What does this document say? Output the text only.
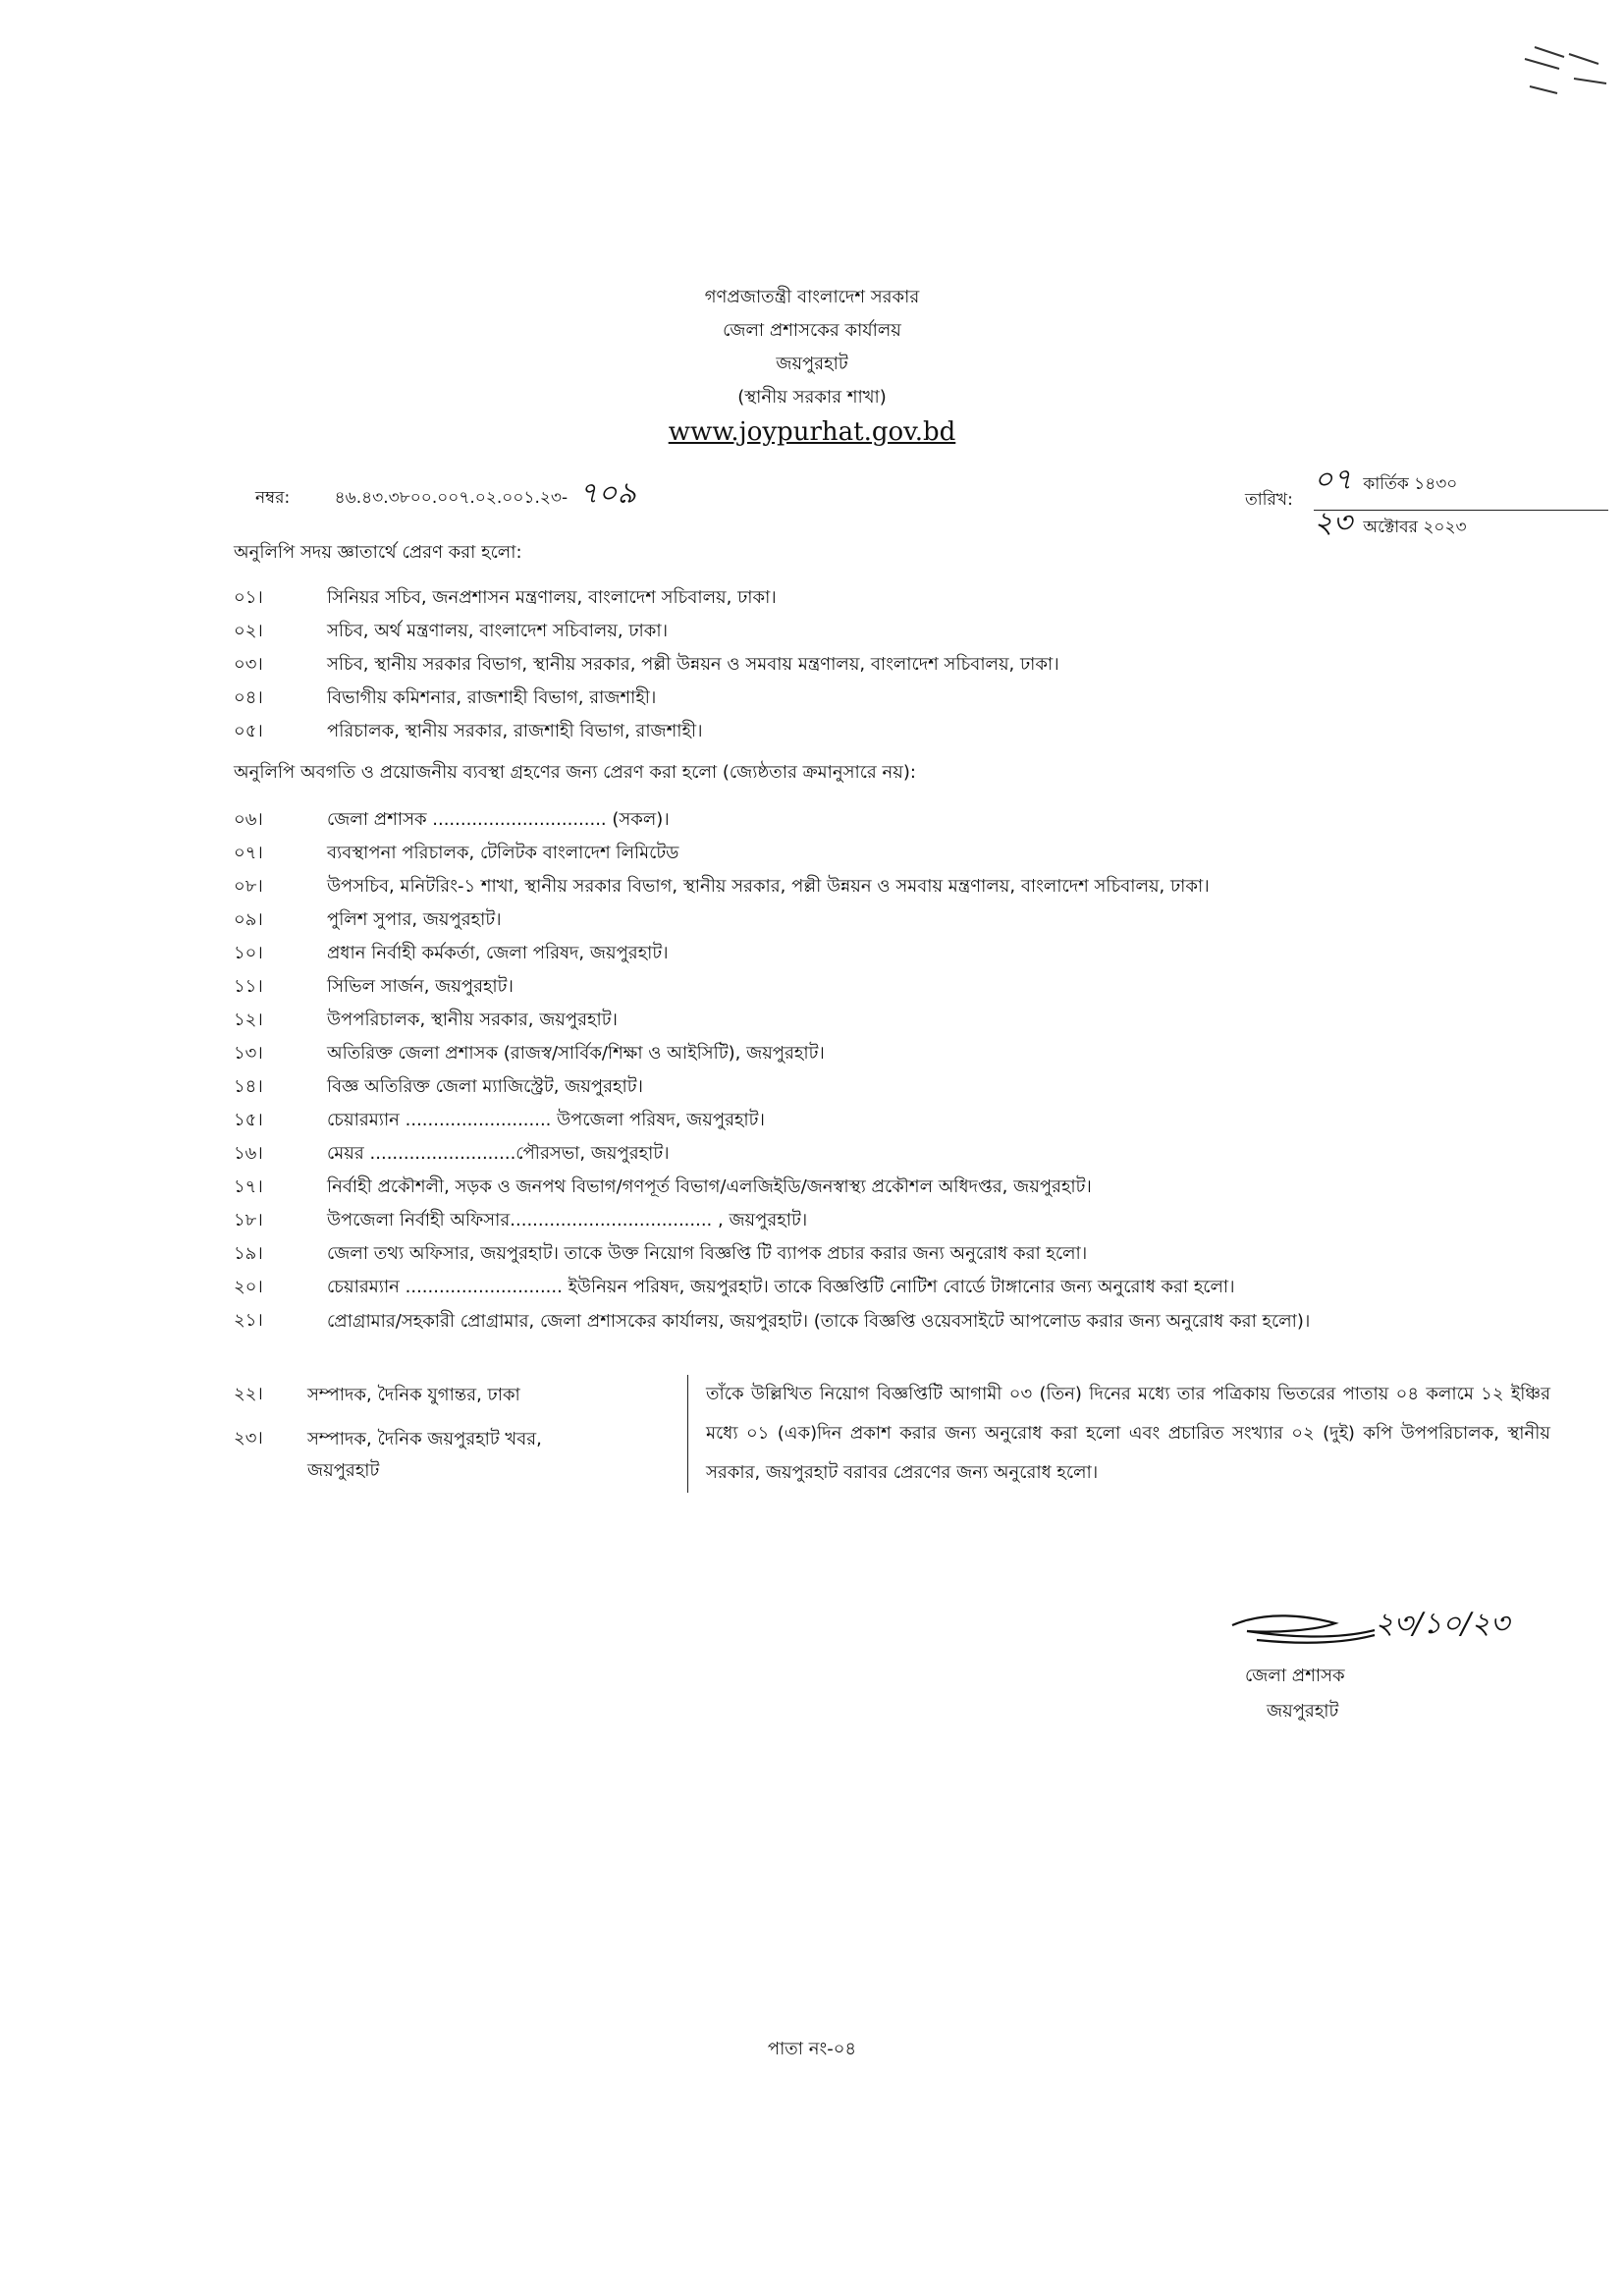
গণপ্রজাতন্ত্রী বাংলাদেশ সরকার
জেলা প্রশাসকের কার্যালয়
জয়পুরহাট
(স্থানীয় সরকার শাখা)
www.joypurhat.gov.bd
নম্বর:	৪৬.৪৩.৩৮০০.০০৭.০২.০০১.২৩- ৭০৯	তারিখ:
০৭ কার্তিক ১৪৩০
২৩ অক্টোবর ২০২৩
অনুলিপি সদয় জ্ঞাতার্থে প্রেরণ করা হলো:
০১।	সিনিয়র সচিব, জনপ্রশাসন মন্ত্রণালয়, বাংলাদেশ সচিবালয়, ঢাকা।
০২।	সচিব, অর্থ মন্ত্রণালয়, বাংলাদেশ সচিবালয়, ঢাকা।
০৩।	সচিব, স্থানীয় সরকার বিভাগ, স্থানীয় সরকার, পল্লী উন্নয়ন ও সমবায় মন্ত্রণালয়, বাংলাদেশ সচিবালয়, ঢাকা।
০৪।	বিভাগীয় কমিশনার, রাজশাহী বিভাগ, রাজশাহী।
০৫।	পরিচালক, স্থানীয় সরকার, রাজশাহী বিভাগ, রাজশাহী।
অনুলিপি অবগতি ও প্রয়োজনীয় ব্যবস্থা গ্রহণের জন্য প্রেরণ করা হলো (জ্যেষ্ঠতার ক্রমানুসারে নয়):
০৬।	জেলা প্রশাসক ............................... (সকল)।
০৭।	ব্যবস্থাপনা পরিচালক, টেলিটক বাংলাদেশ লিমিটেড
০৮।	উপসচিব, মনিটরিং-১ শাখা, স্থানীয় সরকার বিভাগ, স্থানীয় সরকার, পল্লী উন্নয়ন ও সমবায় মন্ত্রণালয়, বাংলাদেশ সচিবালয়, ঢাকা।
০৯।	পুলিশ সুপার, জয়পুরহাট।
১০।	প্রধান নির্বাহী কর্মকর্তা, জেলা পরিষদ, জয়পুরহাট।
১১।	সিভিল সার্জন, জয়পুরহাট।
১২।	উপপরিচালক, স্থানীয় সরকার, জয়পুরহাট।
১৩।	অতিরিক্ত জেলা প্রশাসক (রাজস্ব/সার্বিক/শিক্ষা ও আইসিটি), জয়পুরহাট।
১৪।	বিজ্ঞ অতিরিক্ত জেলা ম্যাজিস্ট্রেট, জয়পুরহাট।
১৫।	চেয়ারম্যান .......................... উপজেলা পরিষদ, জয়পুরহাট।
১৬।	মেয়র ..........................পৌরসভা, জয়পুরহাট।
১৭।	নির্বাহী প্রকৌশলী, সড়ক ও জনপথ বিভাগ/গণপূর্ত বিভাগ/এলজিইডি/জনস্বাস্থ্য প্রকৌশল অধিদপ্তর, জয়পুরহাট।
১৮।	উপজেলা নির্বাহী অফিসার.................................... , জয়পুরহাট।
১৯।	জেলা তথ্য অফিসার, জয়পুরহাট। তাকে উক্ত নিয়োগ বিজ্ঞপ্তি টি ব্যাপক প্রচার করার জন্য অনুরোধ করা হলো।
২০।	চেয়ারম্যান ............................ ইউনিয়ন পরিষদ, জয়পুরহাট। তাকে বিজ্ঞপ্তিটি নোটিশ বোর্ডে টাঙ্গানোর জন্য অনুরোধ করা হলো।
২১।	প্রোগ্রামার/সহকারী প্রোগ্রামার, জেলা প্রশাসকের কার্যালয়, জয়পুরহাট। (তাকে বিজ্ঞপ্তি ওয়েবসাইটে আপলোড করার জন্য অনুরোধ করা হলো)।
২২।	সম্পাদক, দৈনিক যুগান্তর, ঢাকা
২৩।	সম্পাদক, দৈনিক জয়পুরহাট খবর, জয়পুরহাট
তাঁকে উল্লিখিত নিয়োগ বিজ্ঞপ্তিটি আগামী ০৩ (তিন) দিনের মধ্যে তার পত্রিকায় ভিতরের পাতায় ০৪ কলামে ১২ ইঞ্চির মধ্যে ০১ (এক)দিন প্রকাশ করার জন্য অনুরোধ করা হলো এবং প্রচারিত সংখ্যার ০২ (দুই) কপি উপপরিচালক, স্থানীয় সরকার, জয়পুরহাট বরাবর প্রেরণের জন্য অনুরোধ হলো।
২৩/১০/২৩
জেলা প্রশাসক
জয়পুরহাট
পাতা নং-০৪
